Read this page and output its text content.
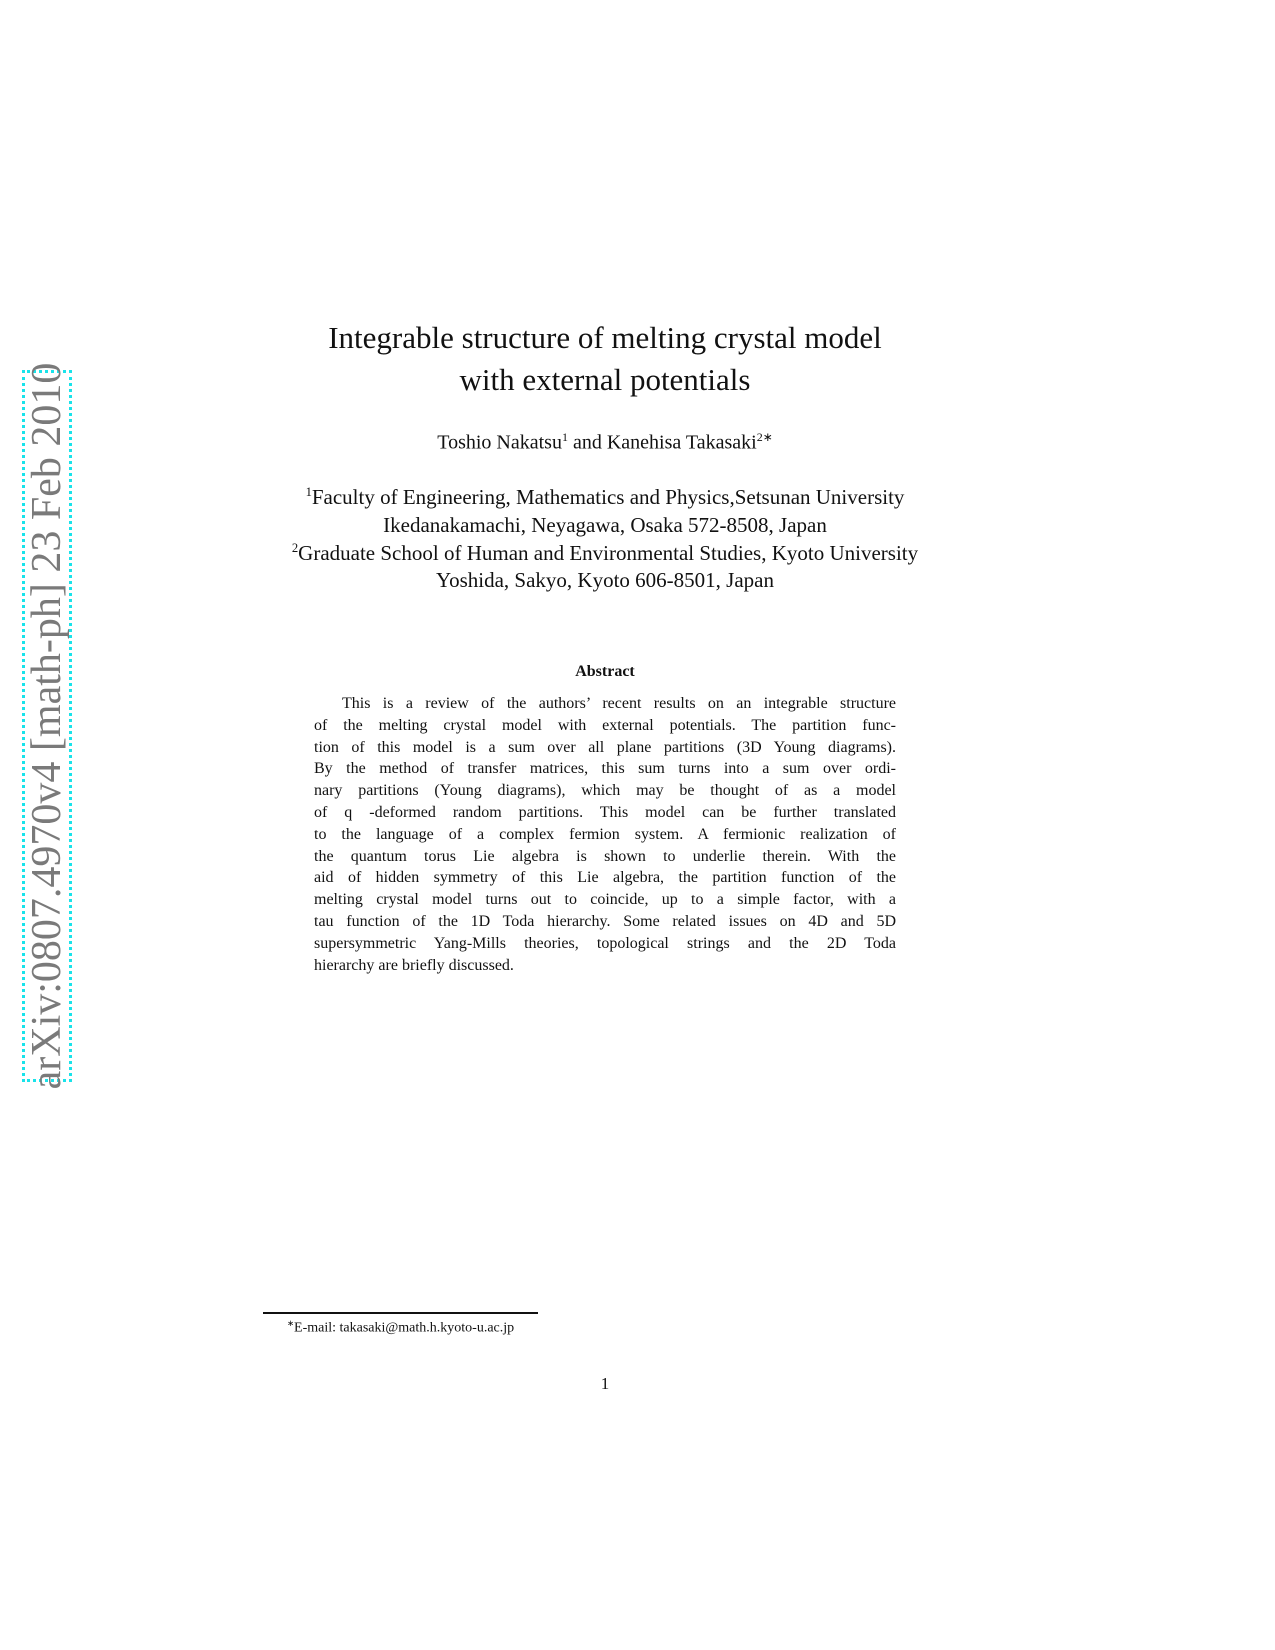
arXiv:0807.4970v4 [math-ph] 23 Feb 2010
Integrable structure of melting crystal model
with external potentials
Toshio Nakatsu$^1$ and Kanehisa Takasaki$^{2∗}$
$^1$Faculty of Engineering, Mathematics and Physics,Setsunan University
Ikedanakamachi, Neyagawa, Osaka 572-8508, Japan
$^2$Graduate School of Human and Environmental Studies, Kyoto University
Yoshida, Sakyo, Kyoto 606-8501, Japan
Abstract
This is a review of the authors’ recent results on an integrable structure
of the melting crystal model with external potentials. The partition func-
tion of this model is a sum over all plane partitions (3D Young diagrams).
By the method of transfer matrices, this sum turns into a sum over ordi-
nary partitions (Young diagrams), which may be thought of as a model
of q -deformed random partitions. This model can be further translated
to the language of a complex fermion system. A fermionic realization of
the quantum torus Lie algebra is shown to underlie therein. With the
aid of hidden symmetry of this Lie algebra, the partition function of the
melting crystal model turns out to coincide, up to a simple factor, with a
tau function of the 1D Toda hierarchy. Some related issues on 4D and 5D
supersymmetric Yang-Mills theories, topological strings and the 2D Toda
hierarchy are briefly discussed.
∗E-mail: takasaki@math.h.kyoto-u.ac.jp
1
